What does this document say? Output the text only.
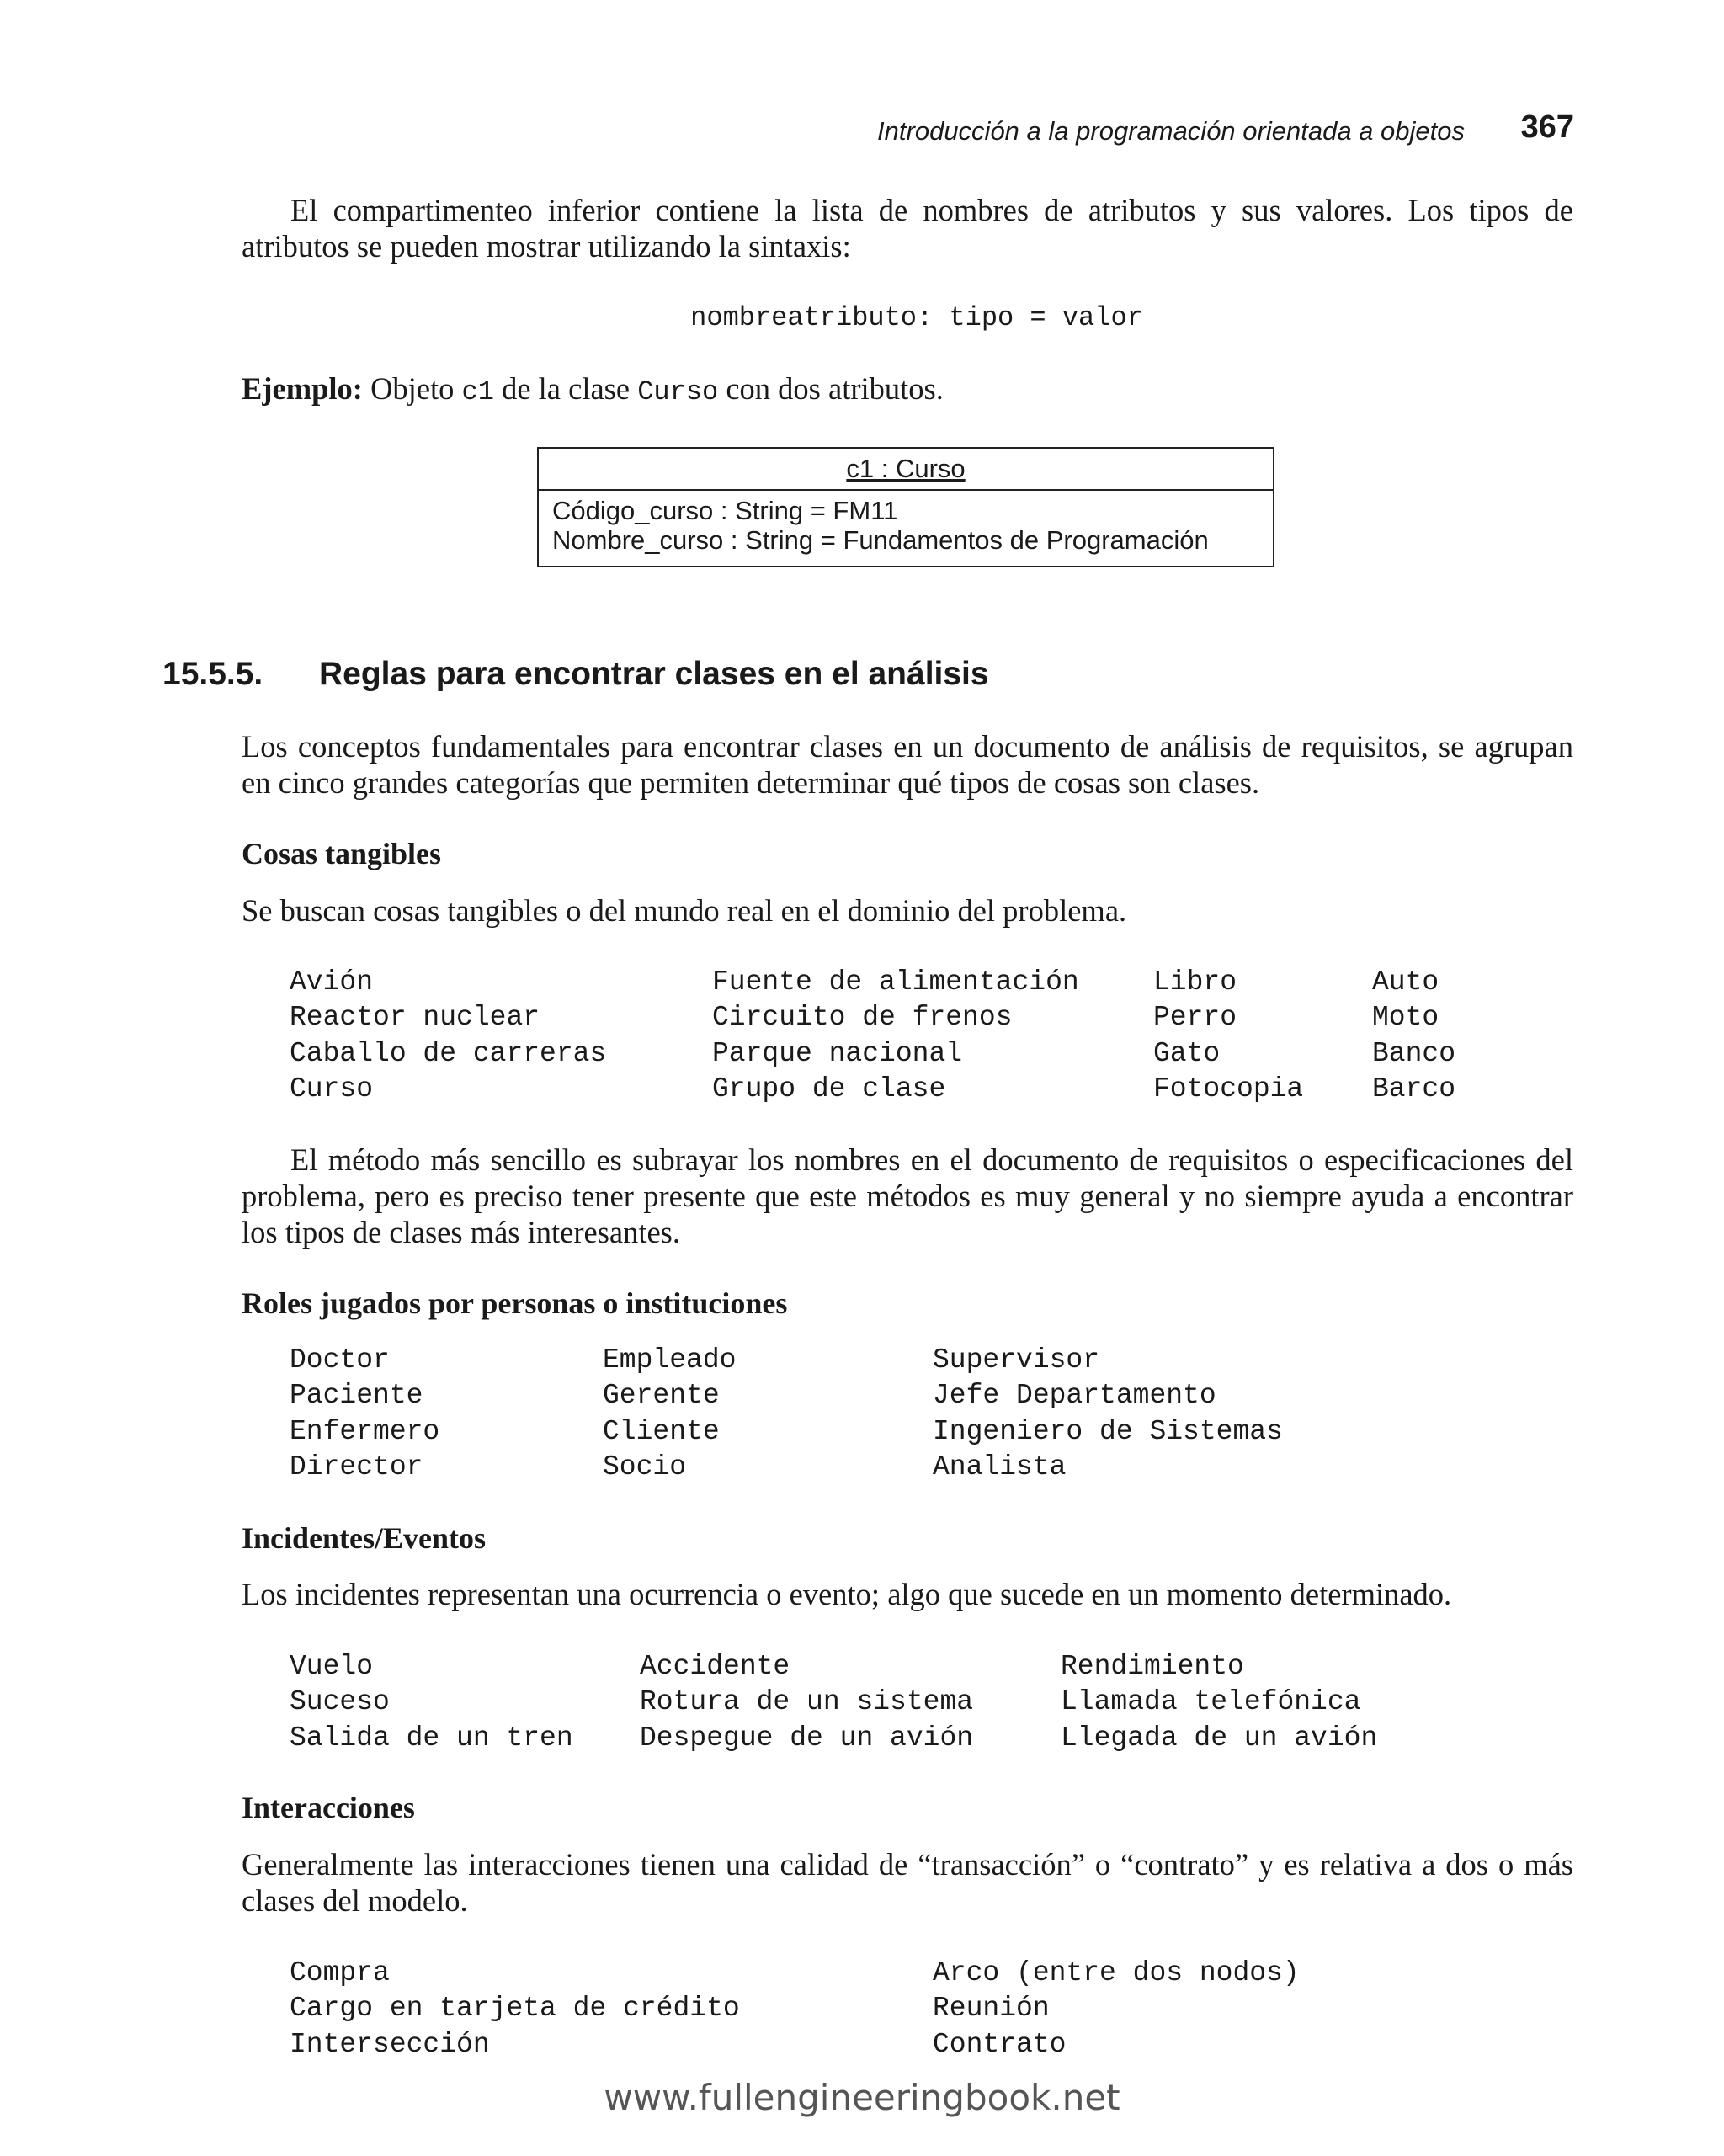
Introducción a la programación orientada a objetos	367
El compartimenteo inferior contiene la lista de nombres de atributos y sus valores. Los tipos de atributos se pueden mostrar utilizando la sintaxis:
nombreatributo: tipo = valor
Ejemplo: Objeto c1 de la clase Curso con dos atributos.
c1 : Curso
Código_curso : String = FM11
Nombre_curso : String = Fundamentos de Programación
15.5.5. Reglas para encontrar clases en el análisis
Los conceptos fundamentales para encontrar clases en un documento de análisis de requisitos, se agrupan en cinco grandes categorías que permiten determinar qué tipos de cosas son clases.
Cosas tangibles
Se buscan cosas tangibles o del mundo real en el dominio del problema.
Avión
Reactor nuclear
Caballo de carreras
Curso
Fuente de alimentación
Circuito de frenos
Parque nacional
Grupo de clase
Libro
Perro
Gato
Fotocopia
Auto
Moto
Banco
Barco
El método más sencillo es subrayar los nombres en el documento de requisitos o especificaciones del problema, pero es preciso tener presente que este métodos es muy general y no siempre ayuda a encontrar los tipos de clases más interesantes.
Roles jugados por personas o instituciones
Doctor
Paciente
Enfermero
Director
Empleado
Gerente
Cliente
Socio
Supervisor
Jefe Departamento
Ingeniero de Sistemas
Analista
Incidentes/Eventos
Los incidentes representan una ocurrencia o evento; algo que sucede en un momento determinado.
Vuelo
Suceso
Salida de un tren
Accidente
Rotura de un sistema
Despegue de un avión
Rendimiento
Llamada telefónica
Llegada de un avión
Interacciones
Generalmente las interacciones tienen una calidad de “transacción” o “contrato” y es relativa a dos o más clases del modelo.
Compra
Cargo en tarjeta de crédito
Intersección
Arco (entre dos nodos)
Reunión
Contrato
www.fullengineeringbook.net
